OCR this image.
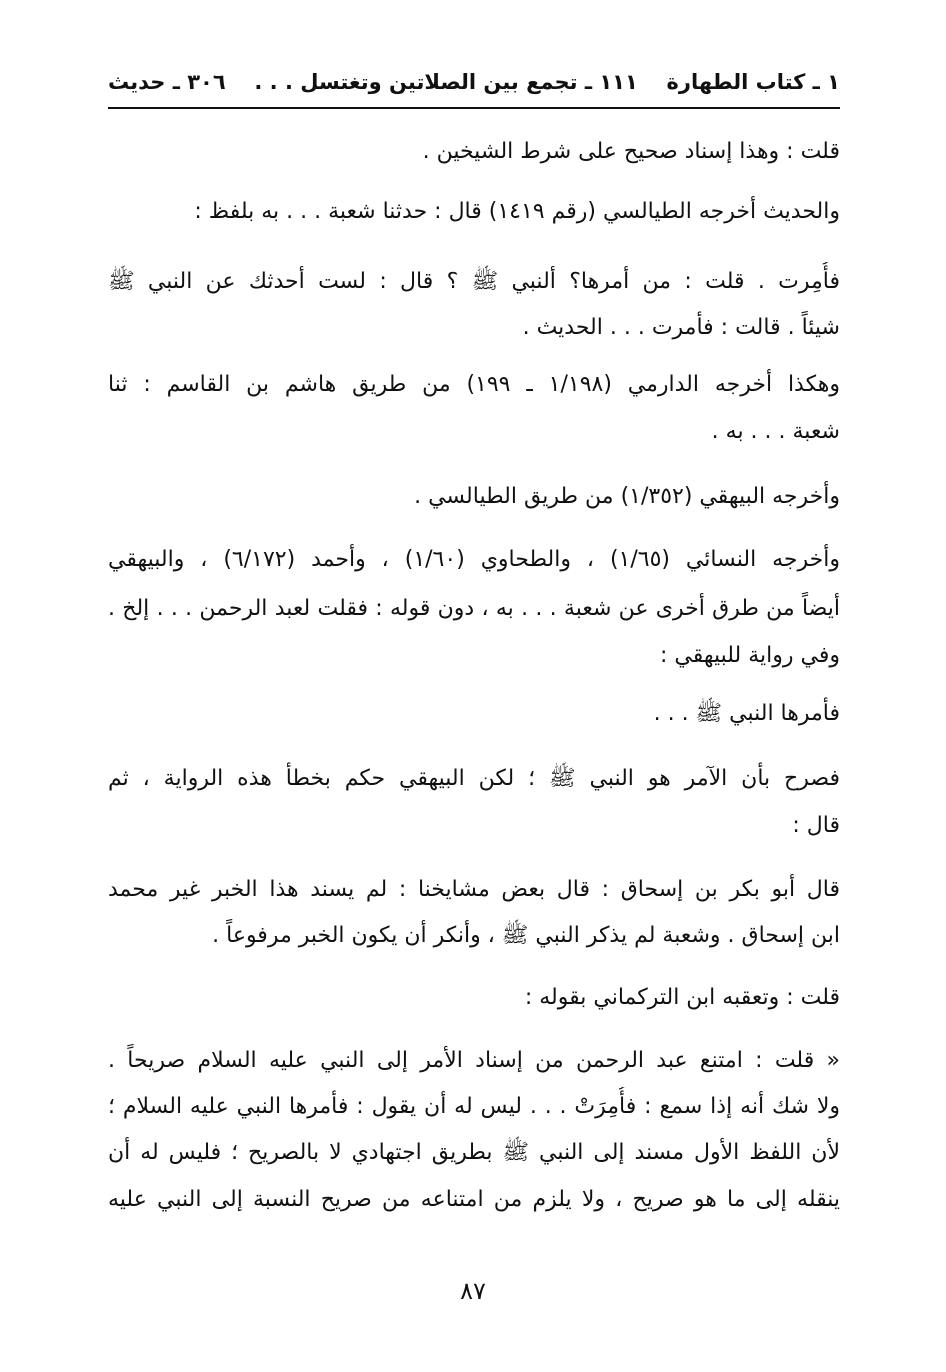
١ ـ كتاب الطهارة
١١١ ـ تجمع بين الصلاتين وتغتسل . . .
٣٠٦ ـ حديث
قلت : وهذا إسناد صحيح على شرط الشيخين .
والحديث أخرجه الطيالسي (رقم ١٤١٩) قال : حدثنا شعبة . . . به بلفظ :
فأُمِرت . قلت : من أمرها؟ ألنبي ﷺ ؟ قال : لست أحدثك عن النبي ﷺ
شيئاً . قالت : فأمرت . . . الحديث .
وهكذا أخرجه الدارمي (١/١٩٨ ـ ١٩٩) من طريق هاشم بن القاسم : ثنا
شعبة . . . به .
وأخرجه البيهقي (١/٣٥٢) من طريق الطيالسي .
وأخرجه النسائي (١/٦٥) ، والطحاوي (١/٦٠) ، وأحمد (٦/١٧٢) ، والبيهقي
أيضاً من طرق أخرى عن شعبة . . . به ، دون قوله : فقلت لعبد الرحمن . . . إلخ .
وفي رواية للبيهقي :
فأمرها النبي ﷺ . . .
فصرح بأن الآمر هو النبي ﷺ ؛ لكن البيهقي حكم بخطأ هذه الرواية ، ثم
قال :
قال أبو بكر بن إسحاق : قال بعض مشايخنا : لم يسند هذا الخبر غير محمد
ابن إسحاق . وشعبة لم يذكر النبي ﷺ ، وأنكر أن يكون الخبر مرفوعاً .
قلت : وتعقبه ابن التركماني بقوله :
« قلت : امتنع عبد الرحمن من إسناد الأمر إلى النبي عليه السلام صريحاً .
ولا شك أنه إذا سمع : فأُمِرَتْ . . . ليس له أن يقول : فأمرها النبي عليه السلام ؛
لأن اللفظ الأول مسند إلى النبي ﷺ بطريق اجتهادي لا بالصريح ؛ فليس له أن
ينقله إلى ما هو صريح ، ولا يلزم من امتناعه من صريح النسبة إلى النبي عليه
٨٧
